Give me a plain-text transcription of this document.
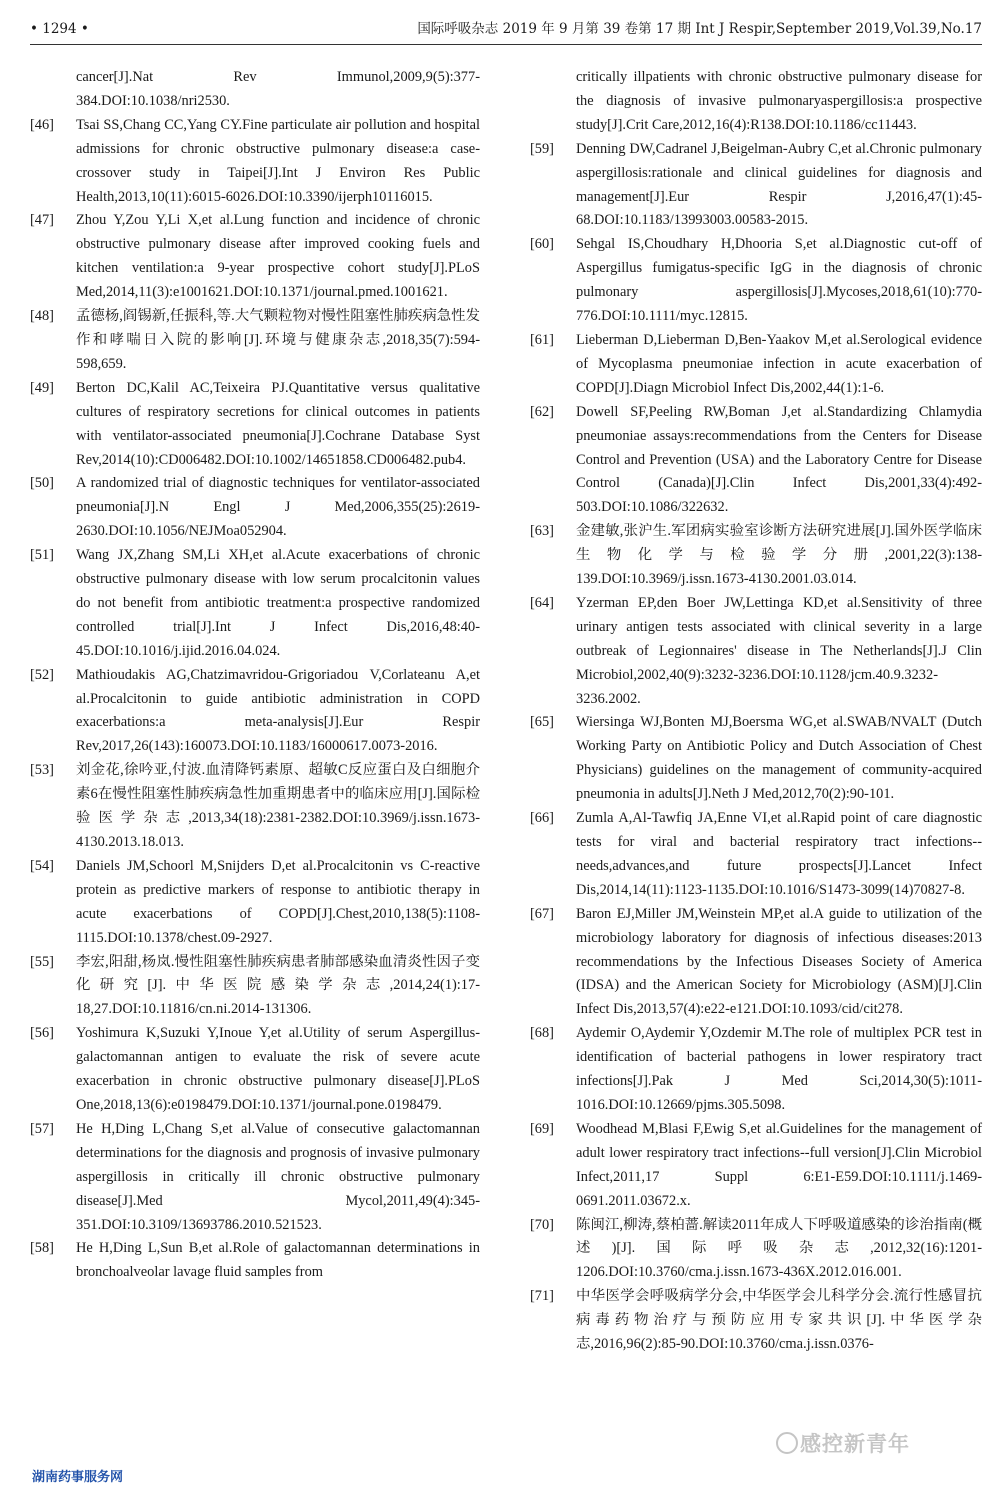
• 1294 •	国际呼吸杂志 2019 年 9 月第 39 卷第 17 期 Int J Respir,September 2019,Vol.39,No.17
cancer[J].Nat Rev Immunol,2009,9(5):377-384.DOI:10.1038/nri2530.
[46]	Tsai SS,Chang CC,Yang CY.Fine particulate air pollution and hospital admissions for chronic obstructive pulmonary disease:a case-crossover study in Taipei[J].Int J Environ Res Public Health,2013,10(11):6015-6026.DOI:10.3390/ijerph10116015.
[47]	Zhou Y,Zou Y,Li X,et al.Lung function and incidence of chronic obstructive pulmonary disease after improved cooking fuels and kitchen ventilation:a 9-year prospective cohort study[J].PLoS Med,2014,11(3):e1001621.DOI:10.1371/journal.pmed.1001621.
[48]	孟德杨,阎锡新,任振科,等.大气颗粒物对慢性阻塞性肺疾病急性发作和哮喘日入院的影响[J].环境与健康杂志,2018,35(7):594-598,659.
[49]	Berton DC,Kalil AC,Teixeira PJ.Quantitative versus qualitative cultures of respiratory secretions for clinical outcomes in patients with ventilator-associated pneumonia[J].Cochrane Database Syst Rev,2014(10):CD006482.DOI:10.1002/14651858.CD006482.pub4.
[50]	A randomized trial of diagnostic techniques for ventilator-associated pneumonia[J].N Engl J Med,2006,355(25):2619-2630.DOI:10.1056/NEJMoa052904.
[51]	Wang JX,Zhang SM,Li XH,et al.Acute exacerbations of chronic obstructive pulmonary disease with low serum procalcitonin values do not benefit from antibiotic treatment:a prospective randomized controlled trial[J].Int J Infect Dis,2016,48:40-45.DOI:10.1016/j.ijid.2016.04.024.
[52]	Mathioudakis AG,Chatzimavridou-Grigoriadou V,Corlateanu A,et al.Procalcitonin to guide antibiotic administration in COPD exacerbations:a meta-analysis[J].Eur Respir Rev,2017,26(143):160073.DOI:10.1183/16000617.0073-2016.
[53]	刘金花,徐吟亚,付波.血清降钙素原、超敏C反应蛋白及白细胞介素6在慢性阻塞性肺疾病急性加重期患者中的临床应用[J].国际检验医学杂志,2013,34(18):2381-2382.DOI:10.3969/j.issn.1673-4130.2013.18.013.
[54]	Daniels JM,Schoorl M,Snijders D,et al.Procalcitonin vs C-reactive protein as predictive markers of response to antibiotic therapy in acute exacerbations of COPD[J].Chest,2010,138(5):1108-1115.DOI:10.1378/chest.09-2927.
[55]	李宏,阳甜,杨岚.慢性阻塞性肺疾病患者肺部感染血清炎性因子变化研究[J].中华医院感染学杂志,2014,24(1):17-18,27.DOI:10.11816/cn.ni.2014-131306.
[56]	Yoshimura K,Suzuki Y,Inoue Y,et al.Utility of serum Aspergillus-galactomannan antigen to evaluate the risk of severe acute exacerbation in chronic obstructive pulmonary disease[J].PLoS One,2018,13(6):e0198479.DOI:10.1371/journal.pone.0198479.
[57]	He H,Ding L,Chang S,et al.Value of consecutive galactomannan determinations for the diagnosis and prognosis of invasive pulmonary aspergillosis in critically ill chronic obstructive pulmonary disease[J].Med Mycol,2011,49(4):345-351.DOI:10.3109/13693786.2010.521523.
[58]	He H,Ding L,Sun B,et al.Role of galactomannan determinations in bronchoalveolar lavage fluid samples from
critically illpatients with chronic obstructive pulmonary disease for the diagnosis of invasive pulmonaryaspergillosis:a prospective study[J].Crit Care,2012,16(4):R138.DOI:10.1186/cc11443.
[59]	Denning DW,Cadranel J,Beigelman-Aubry C,et al.Chronic pulmonary aspergillosis:rationale and clinical guidelines for diagnosis and management[J].Eur Respir J,2016,47(1):45-68.DOI:10.1183/13993003.00583-2015.
[60]	Sehgal IS,Choudhary H,Dhooria S,et al.Diagnostic cut-off of Aspergillus fumigatus-specific IgG in the diagnosis of chronic pulmonary aspergillosis[J].Mycoses,2018,61(10):770-776.DOI:10.1111/myc.12815.
[61]	Lieberman D,Lieberman D,Ben-Yaakov M,et al.Serological evidence of Mycoplasma pneumoniae infection in acute exacerbation of COPD[J].Diagn Microbiol Infect Dis,2002,44(1):1-6.
[62]	Dowell SF,Peeling RW,Boman J,et al.Standardizing Chlamydia pneumoniae assays:recommendations from the Centers for Disease Control and Prevention (USA) and the Laboratory Centre for Disease Control (Canada)[J].Clin Infect Dis,2001,33(4):492-503.DOI:10.1086/322632.
[63]	金建敏,张沪生.军团病实验室诊断方法研究进展[J].国外医学临床生物化学与检验学分册,2001,22(3):138-139.DOI:10.3969/j.issn.1673-4130.2001.03.014.
[64]	Yzerman EP,den Boer JW,Lettinga KD,et al.Sensitivity of three urinary antigen tests associated with clinical severity in a large outbreak of Legionnaires' disease in The Netherlands[J].J Clin Microbiol,2002,40(9):3232-3236.DOI:10.1128/jcm.40.9.3232-3236.2002.
[65]	Wiersinga WJ,Bonten MJ,Boersma WG,et al.SWAB/NVALT (Dutch Working Party on Antibiotic Policy and Dutch Association of Chest Physicians) guidelines on the management of community-acquired pneumonia in adults[J].Neth J Med,2012,70(2):90-101.
[66]	Zumla A,Al-Tawfiq JA,Enne VI,et al.Rapid point of care diagnostic tests for viral and bacterial respiratory tract infections--needs,advances,and future prospects[J].Lancet Infect Dis,2014,14(11):1123-1135.DOI:10.1016/S1473-3099(14)70827-8.
[67]	Baron EJ,Miller JM,Weinstein MP,et al.A guide to utilization of the microbiology laboratory for diagnosis of infectious diseases:2013 recommendations by the Infectious Diseases Society of America (IDSA) and the American Society for Microbiology (ASM)[J].Clin Infect Dis,2013,57(4):e22-e121.DOI:10.1093/cid/cit278.
[68]	Aydemir O,Aydemir Y,Ozdemir M.The role of multiplex PCR test in identification of bacterial pathogens in lower respiratory tract infections[J].Pak J Med Sci,2014,30(5):1011-1016.DOI:10.12669/pjms.305.5098.
[69]	Woodhead M,Blasi F,Ewig S,et al.Guidelines for the management of adult lower respiratory tract infections--full version[J].Clin Microbiol Infect,2011,17 Suppl 6:E1-E59.DOI:10.1111/j.1469-0691.2011.03672.x.
[70]	陈闽江,柳涛,蔡柏蔷.解读2011年成人下呼吸道感染的诊治指南(概述)[J].国际呼吸杂志,2012,32(16):1201-1206.DOI:10.3760/cma.j.issn.1673-436X.2012.016.001.
[71]	中华医学会呼吸病学分会,中华医学会儿科学分会.流行性感冒抗病毒药物治疗与预防应用专家共识[J].中华医学杂志,2016,96(2):85-90.DOI:10.3760/cma.j.issn.0376-
感控新青年
湖南药事服务网
